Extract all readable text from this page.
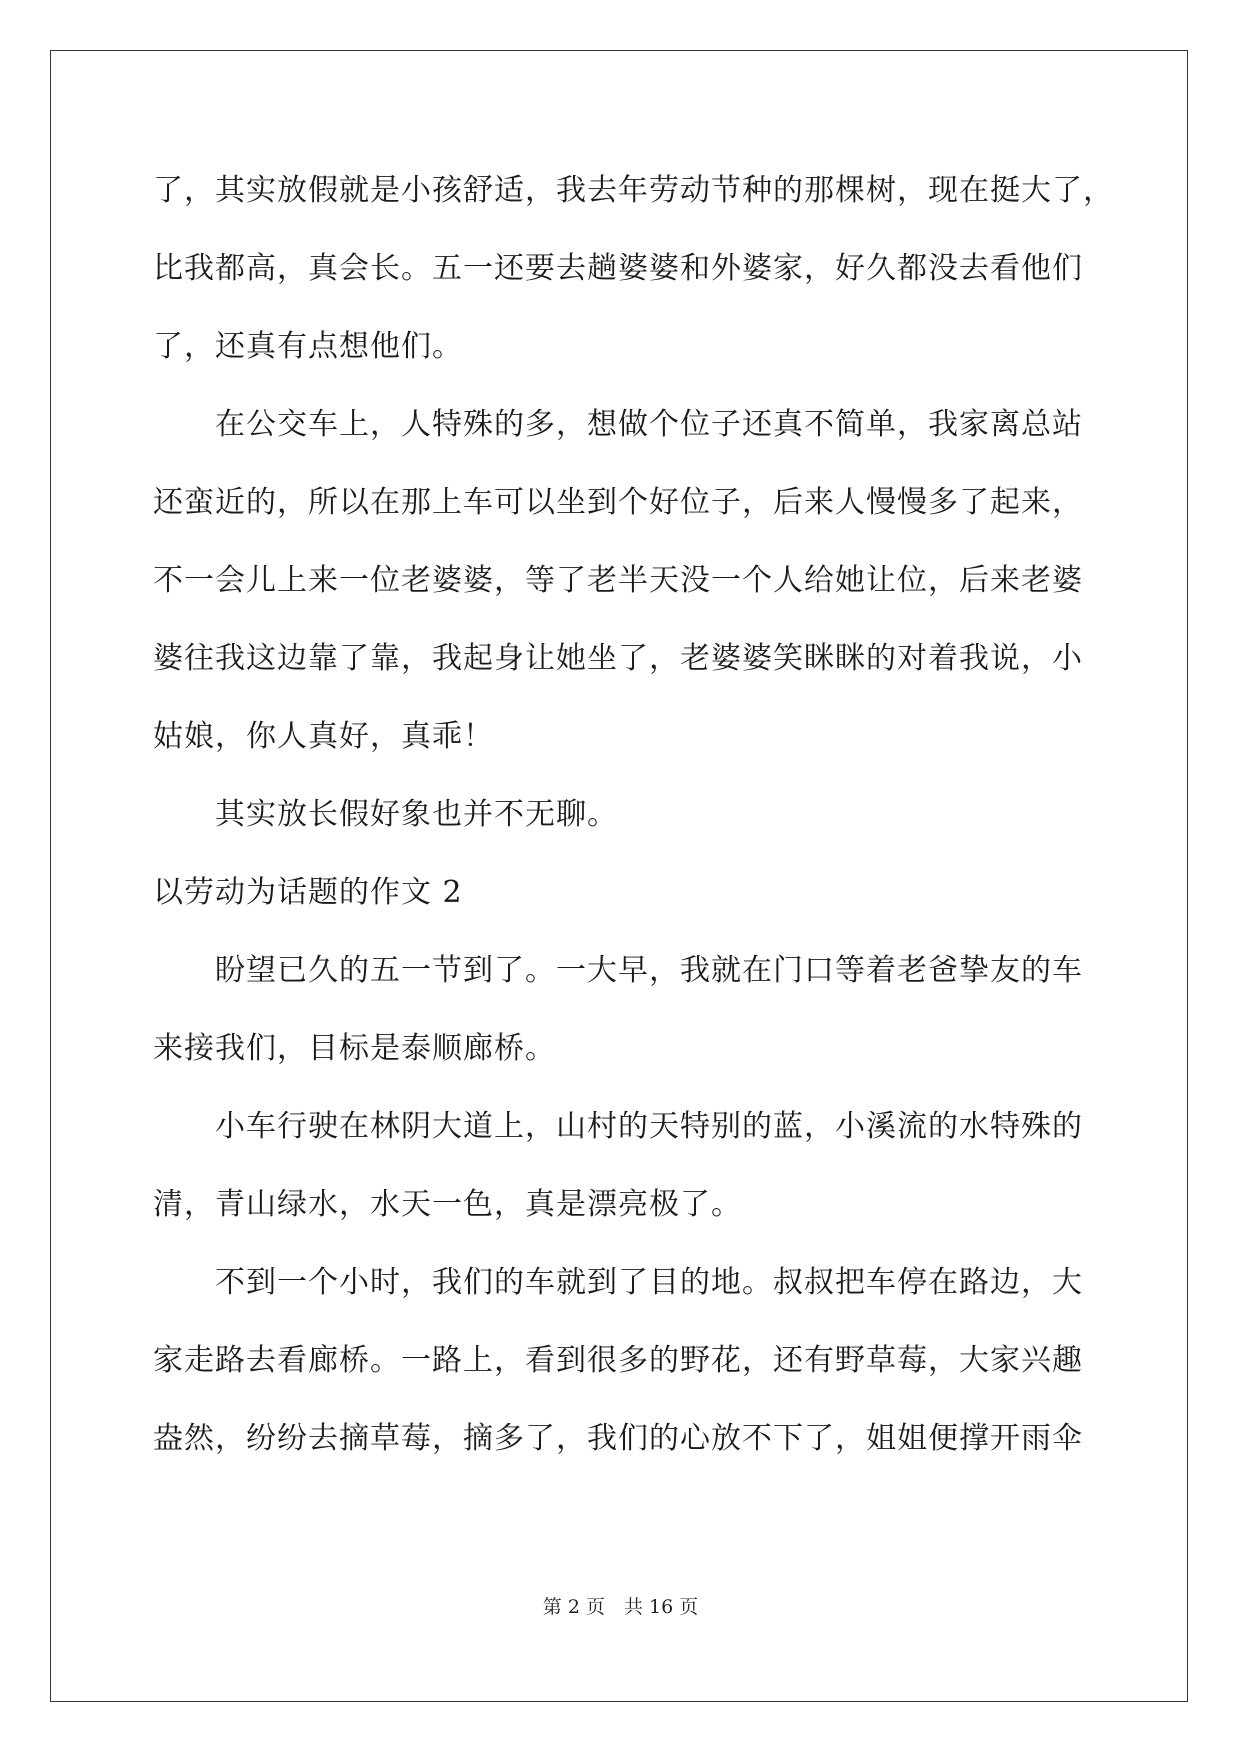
了，其实放假就是小孩舒适，我去年劳动节种的那棵树，现在挺大了，
比我都高，真会长。五一还要去趟婆婆和外婆家，好久都没去看他们
了，还真有点想他们。
在公交车上，人特殊的多，想做个位子还真不简单，我家离总站
还蛮近的，所以在那上车可以坐到个好位子，后来人慢慢多了起来，
不一会儿上来一位老婆婆，等了老半天没一个人给她让位，后来老婆
婆往我这边靠了靠，我起身让她坐了，老婆婆笑眯眯的对着我说，小
姑娘，你人真好，真乖！
其实放长假好象也并不无聊。
以劳动为话题的作文 2
盼望已久的五一节到了。一大早，我就在门口等着老爸挚友的车
来接我们，目标是泰顺廊桥。
小车行驶在林阴大道上，山村的天特别的蓝，小溪流的水特殊的
清，青山绿水，水天一色，真是漂亮极了。
不到一个小时，我们的车就到了目的地。叔叔把车停在路边，大
家走路去看廊桥。一路上，看到很多的野花，还有野草莓，大家兴趣
盎然，纷纷去摘草莓，摘多了，我们的心放不下了，姐姐便撑开雨伞
第 2 页　共 16 页
